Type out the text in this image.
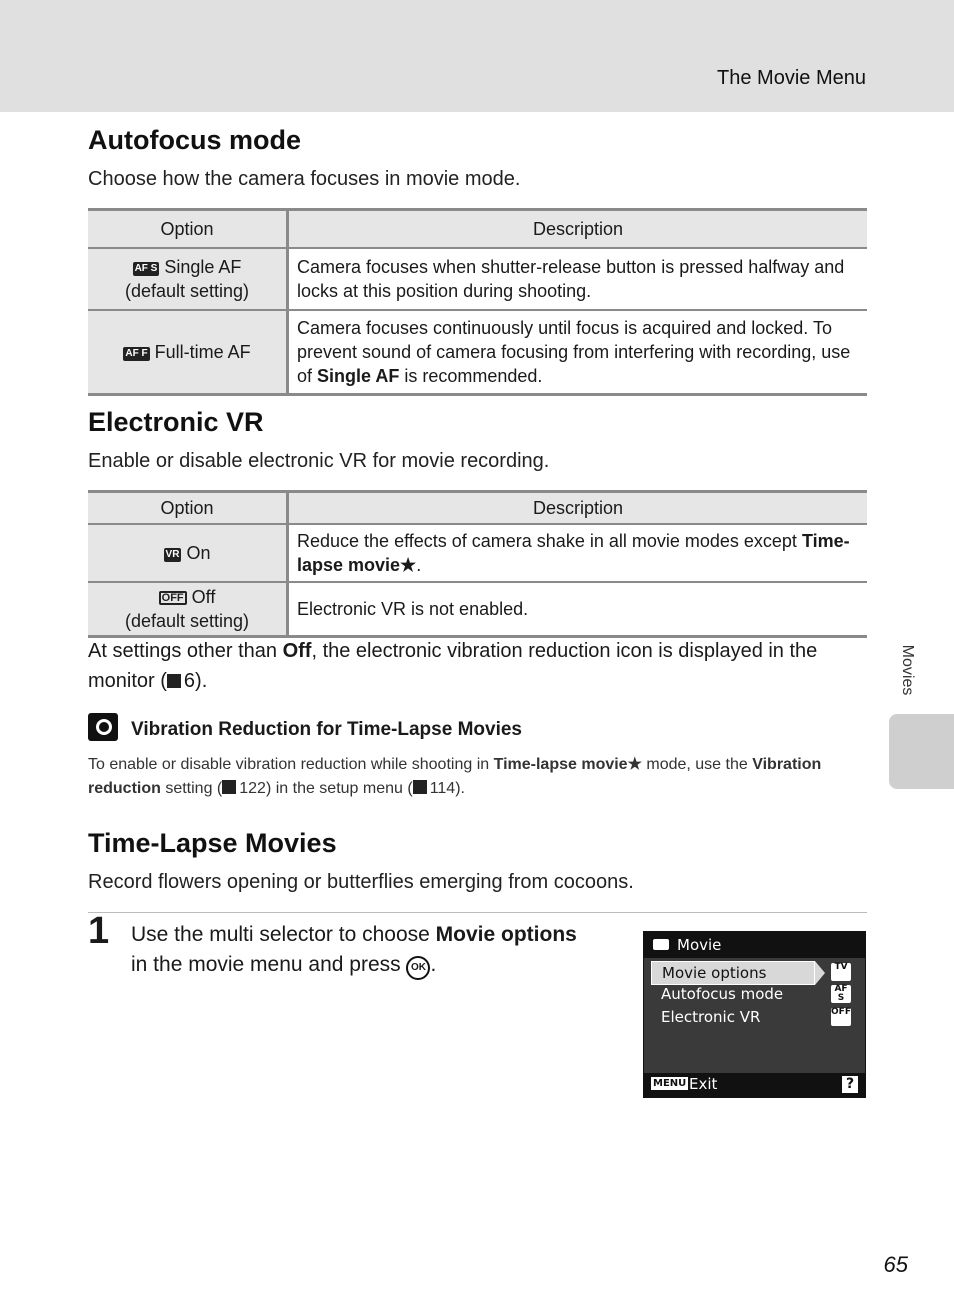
The Movie Menu
Movies
Autofocus mode

Choose how the camera focuses in movie mode.

Option	Description
AF S Single AF
(default setting)	Camera focuses when shutter-release button is pressed halfway and locks at this position during shooting.
AF F Full-time AF	Camera focuses continuously until focus is acquired and locked. To prevent sound of camera focusing from interfering with recording, use of Single AF is recommended.
Electronic VR

Enable or disable electronic VR for movie recording.

Option	Description
VR On	Reduce the effects of camera shake in all movie modes except Time-lapse movie★.
OFF Off
(default setting)	Electronic VR is not enabled.

At settings other than Off, the electronic vibration reduction icon is displayed in the monitor ( 6).

Vibration Reduction for Time-Lapse Movies

To enable or disable vibration reduction while shooting in Time-lapse movie★ mode, use the Vibration reduction setting ( 122) in the setup menu ( 114).

Time-Lapse Movies

Record flowers opening or butterflies emerging from cocoons.

1 Use the multi selector to choose Movie options in the movie menu and press OK .

Movie
Movie options	TV
Autofocus mode	AF S
Electronic VR	OFF
MENU Exit	?
65
